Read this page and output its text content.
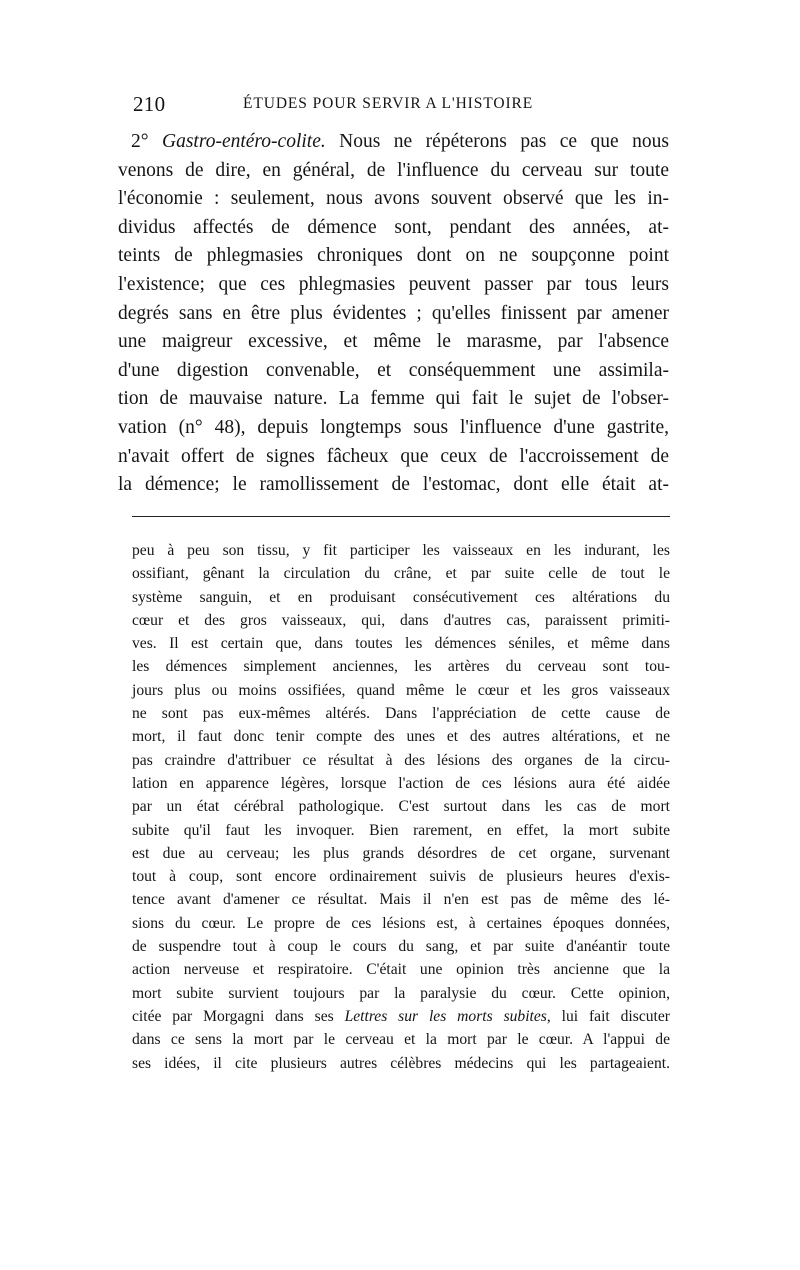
210	ÉTUDES POUR SERVIR A L'HISTOIRE
2° Gastro-entéro-colite. Nous ne répéterons pas ce que nous
venons de dire, en général, de l'influence du cerveau sur toute
l'économie : seulement, nous avons souvent observé que les in-
dividus affectés de démence sont, pendant des années, at-
teints de phlegmasies chroniques dont on ne soupçonne point
l'existence; que ces phlegmasies peuvent passer par tous leurs
degrés sans en être plus évidentes ; qu'elles finissent par amener
une maigreur excessive, et même le marasme, par l'absence
d'une digestion convenable, et conséquemment une assimila-
tion de mauvaise nature. La femme qui fait le sujet de l'obser-
vation (n° 48), depuis longtemps sous l'influence d'une gastrite,
n'avait offert de signes fâcheux que ceux de l'accroissement de
la démence; le ramollissement de l'estomac, dont elle était at-
peu à peu son tissu, y fit participer les vaisseaux en les indurant, les
ossifiant, gênant la circulation du crâne, et par suite celle de tout le
système sanguin, et en produisant consécutivement ces altérations du
cœur et des gros vaisseaux, qui, dans d'autres cas, paraissent primiti-
ves. Il est certain que, dans toutes les démences séniles, et même dans
les démences simplement anciennes, les artères du cerveau sont tou-
jours plus ou moins ossifiées, quand même le cœur et les gros vaisseaux
ne sont pas eux-mêmes altérés. Dans l'appréciation de cette cause de
mort, il faut donc tenir compte des unes et des autres altérations, et ne
pas craindre d'attribuer ce résultat à des lésions des organes de la circu-
lation en apparence légères, lorsque l'action de ces lésions aura été aidée
par un état cérébral pathologique. C'est surtout dans les cas de mort
subite qu'il faut les invoquer. Bien rarement, en effet, la mort subite
est due au cerveau; les plus grands désordres de cet organe, survenant
tout à coup, sont encore ordinairement suivis de plusieurs heures d'exis-
tence avant d'amener ce résultat. Mais il n'en est pas de même des lé-
sions du cœur. Le propre de ces lésions est, à certaines époques données,
de suspendre tout à coup le cours du sang, et par suite d'anéantir toute
action nerveuse et respiratoire. C'était une opinion très ancienne que la
mort subite survient toujours par la paralysie du cœur. Cette opinion,
citée par Morgagni dans ses Lettres sur les morts subites, lui fait discuter
dans ce sens la mort par le cerveau et la mort par le cœur. A l'appui de
ses idées, il cite plusieurs autres célèbres médecins qui les partageaient.
